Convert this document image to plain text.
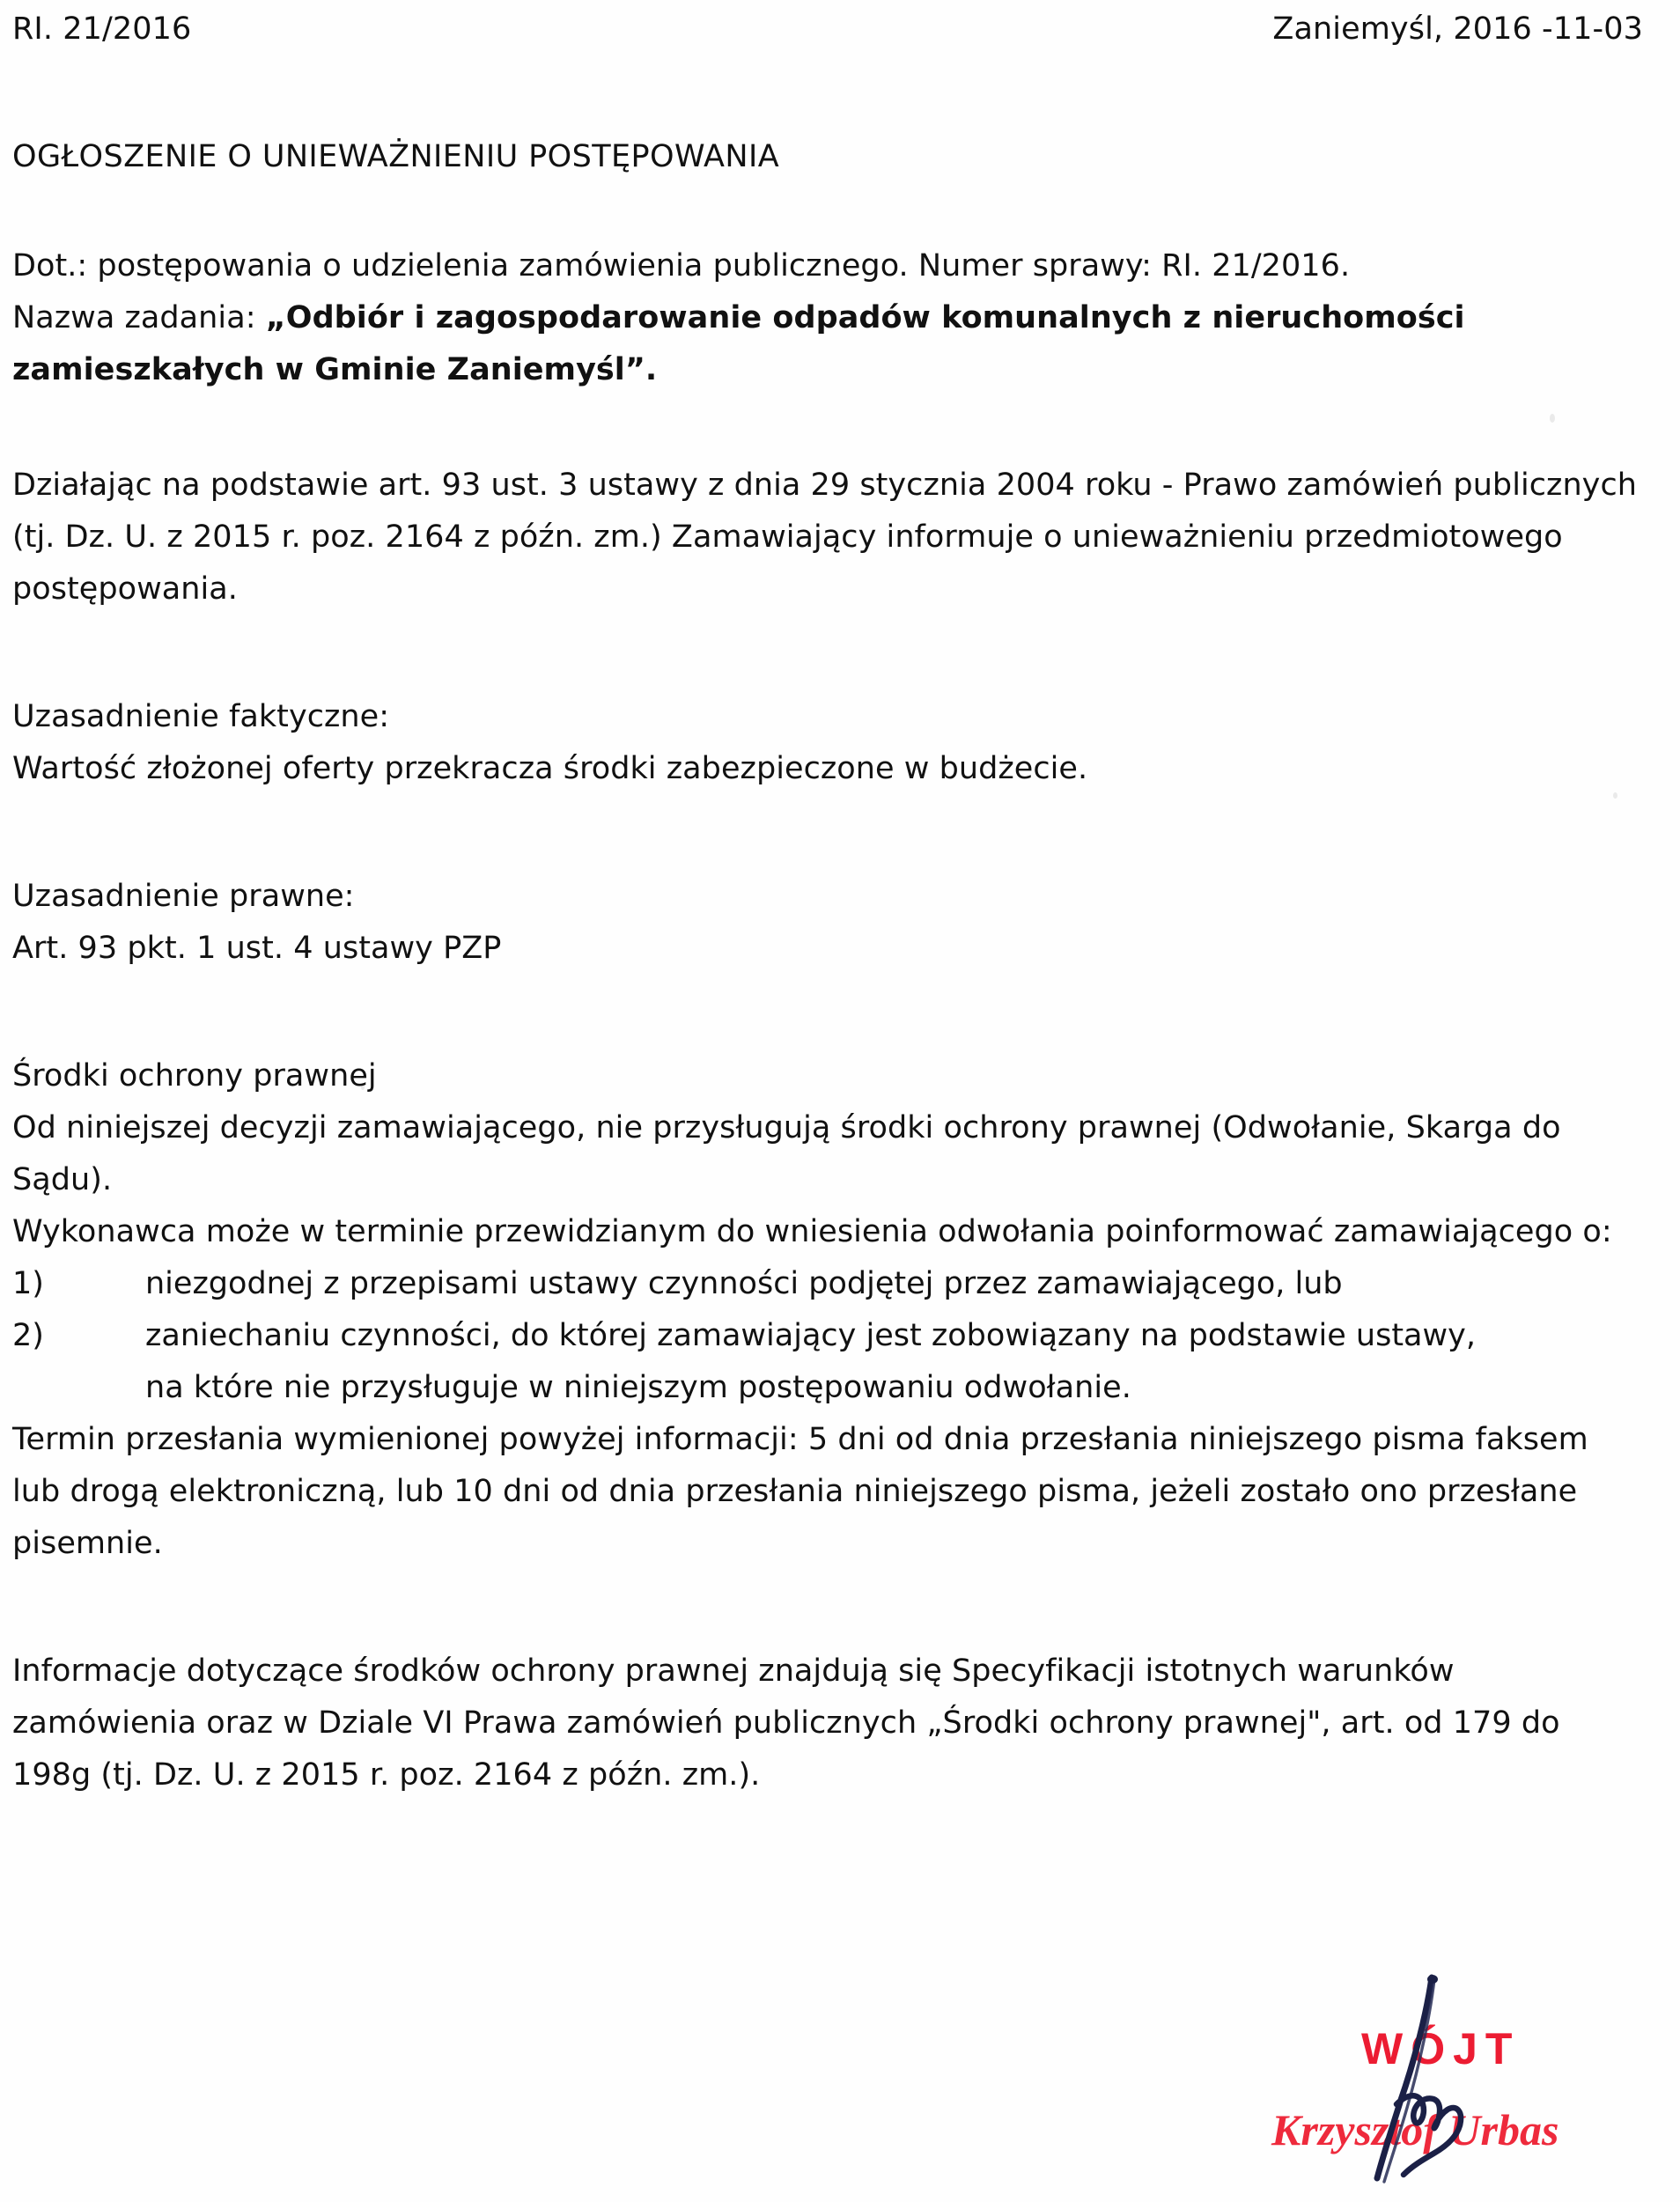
RI. 21/2016	Zaniemyśl, 2016 -11-03
OGŁOSZENIE O UNIEWAŻNIENIU POSTĘPOWANIA
Dot.: postępowania o udzielenia zamówienia publicznego. Numer sprawy: RI. 21/2016.
Nazwa zadania: „Odbiór i zagospodarowanie odpadów komunalnych z nieruchomości zamieszkałych w Gminie Zaniemyśl”.
Działając na podstawie art. 93 ust. 3 ustawy z dnia 29 stycznia 2004 roku - Prawo zamówień publicznych (tj. Dz. U. z 2015 r. poz. 2164 z późn. zm.) Zamawiający informuje o unieważnieniu przedmiotowego postępowania.
Uzasadnienie faktyczne:
Wartość złożonej oferty przekracza środki zabezpieczone w budżecie.
Uzasadnienie prawne:
Art. 93 pkt. 1 ust. 4 ustawy PZP
Środki ochrony prawnej
Od niniejszej decyzji zamawiającego, nie przysługują środki ochrony prawnej (Odwołanie, Skarga do Sądu).
Wykonawca może w terminie przewidzianym do wniesienia odwołania poinformować zamawiającego o:
1)	niezgodnej z przepisami ustawy czynności podjętej przez zamawiającego, lub
2)	zaniechaniu czynności, do której zamawiający jest zobowiązany na podstawie ustawy,
na które nie przysługuje w niniejszym postępowaniu odwołanie.
Termin przesłania wymienionej powyżej informacji: 5 dni od dnia przesłania niniejszego pisma faksem lub drogą elektroniczną, lub 10 dni od dnia przesłania niniejszego pisma, jeżeli zostało ono przesłane pisemnie.
Informacje dotyczące środków ochrony prawnej znajdują się Specyfikacji istotnych warunków zamówienia oraz w Dziale VI Prawa zamówień publicznych „Środki ochrony prawnej", art. od 179 do 198g (tj. Dz. U. z 2015 r. poz. 2164 z późn. zm.).
WÓJT
Krzysztof Urbas
